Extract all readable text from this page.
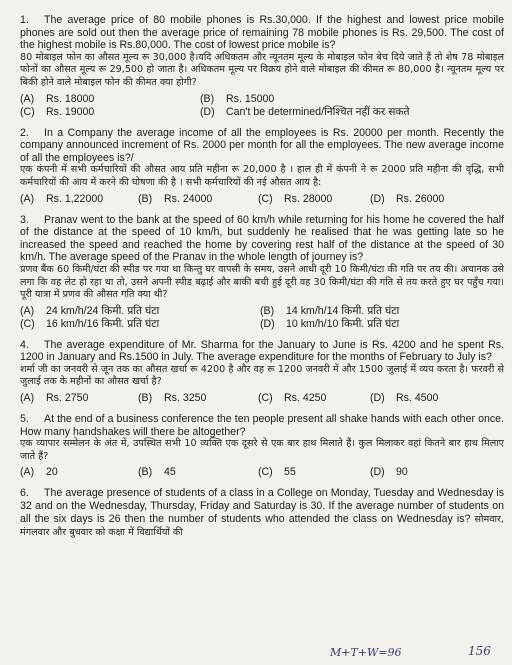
1. The average price of 80 mobile phones is Rs.30,000. If the highest and lowest price mobile phones are sold out then the average price of remaining 78 mobile phones is Rs. 29,500. The cost of the highest mobile is Rs.80,000. The cost of lowest price mobile is?

80 मोबाइल फोन का औसत मूल्य रू 30,000 है।यदि अधिकतम और न्यूनतम मूल्य के मोबाइल फोन बेच दिये जाते हैं तो शेष 78 मोबाइल फोनों का औसत मूल्य रू 29,500 हो जाता है। अधिकतम मूल्य पर विक्रय होने वाले मोबाइल की कीमत रू 80,000 है। न्यूनतम मूल्य पर बिकी होने वाले मोबाइल फोन की कीमत क्या होगी?

(A) Rs. 18000	(B) Rs. 15000
(C) Rs. 19000	(D) Can't be determined/निश्चित नहीं कर सकते

2. In a Company the average income of all the employees is Rs. 20000 per month. Recently the company announced increment of Rs. 2000 per month for all the employees. The new average income of all the employees is?/

एक कंपनी में सभी कर्मचारियों की औसत आय प्रति महीना रू 20,000 है । हाल ही में कंपनी ने रू 2000 प्रति महीना की वृद्धि, सभी कर्मचारियों की आय में करने की घोषणा की है । सभी कर्मचारियों की नई औसत आय है:

(A) Rs. 1,22000	(B) Rs. 24000	(C) Rs. 28000	(D) Rs. 26000

3. Pranav went to the bank at the speed of 60 km/h while returning for his home he covered the half of the distance at the speed of 10 km/h, but suddenly he realised that he was getting late so he increased the speed and reached the home by covering rest half of the distance at the speed of 30 km/h. The average speed of the Pranav in the whole length of journey is?

प्रणव बैंक 60 किमी/घंटा की स्पीड पर गया था किन्तु घर वापसी के समय, उसने आधी दूरी 10 किमी/घंटा की गति पर तय की। अचानक उसे लगा कि वह लेट हो रहा था तो, उसने अपनी स्पीड बढ़ाई और बाकी बची हुई दूरी वह 30 किमी/घंटा की गति से तय करते हुए घर पहुँच गया। पूरी यात्रा में प्रणव की औसत गति क्या थी?

(A) 24 km/h/24 किमी. प्रति घंटा	(B) 14 km/h/14 किमी. प्रति घंटा
(C) 16 km/h/16 किमी. प्रति घंटा	(D) 10 km/h/10 किमी. प्रति घंटा

4. The average expenditure of Mr. Sharma for the January to June is Rs. 4200 and he spent Rs. 1200 in January and Rs.1500 in July. The average expenditure for the months of February to July is?

शर्मा जी का जनवरी से जून तक का औसत खर्चा रू 4200 है और वह रू 1200 जनवरी में और 1500 जुलाई में व्यय करता है। फरवरी से जुलाई तक के महीनों का औसत खर्चा है?

(A) Rs. 2750	(B) Rs. 3250	(C) Rs. 4250	(D) Rs. 4500

5. At the end of a business conference the ten people present all shake hands with each other once. How many handshakes will there be altogether?

एक व्यापार सम्मेलन के अंत में, उपस्थित सभी 10 व्यक्ति एक दूसरे से एक बार हाथ मिलाते हैं। कुल मिलाकर वहां कितने बार हाथ मिलाए जाते हैं?

(A) 20	(B) 45	(C) 55	(D) 90

6. The average presence of students of a class in a College on Monday, Tuesday and Wednesday is 32 and on the Wednesday, Thursday, Friday and Saturday is 30. If the average number of students on all the six days is 26 then the number of students who attended the class on Wednesday is? सोमवार, मंगलवार और बुधवार को कक्षा में विद्यार्थियों की

M+T+W=96	156
